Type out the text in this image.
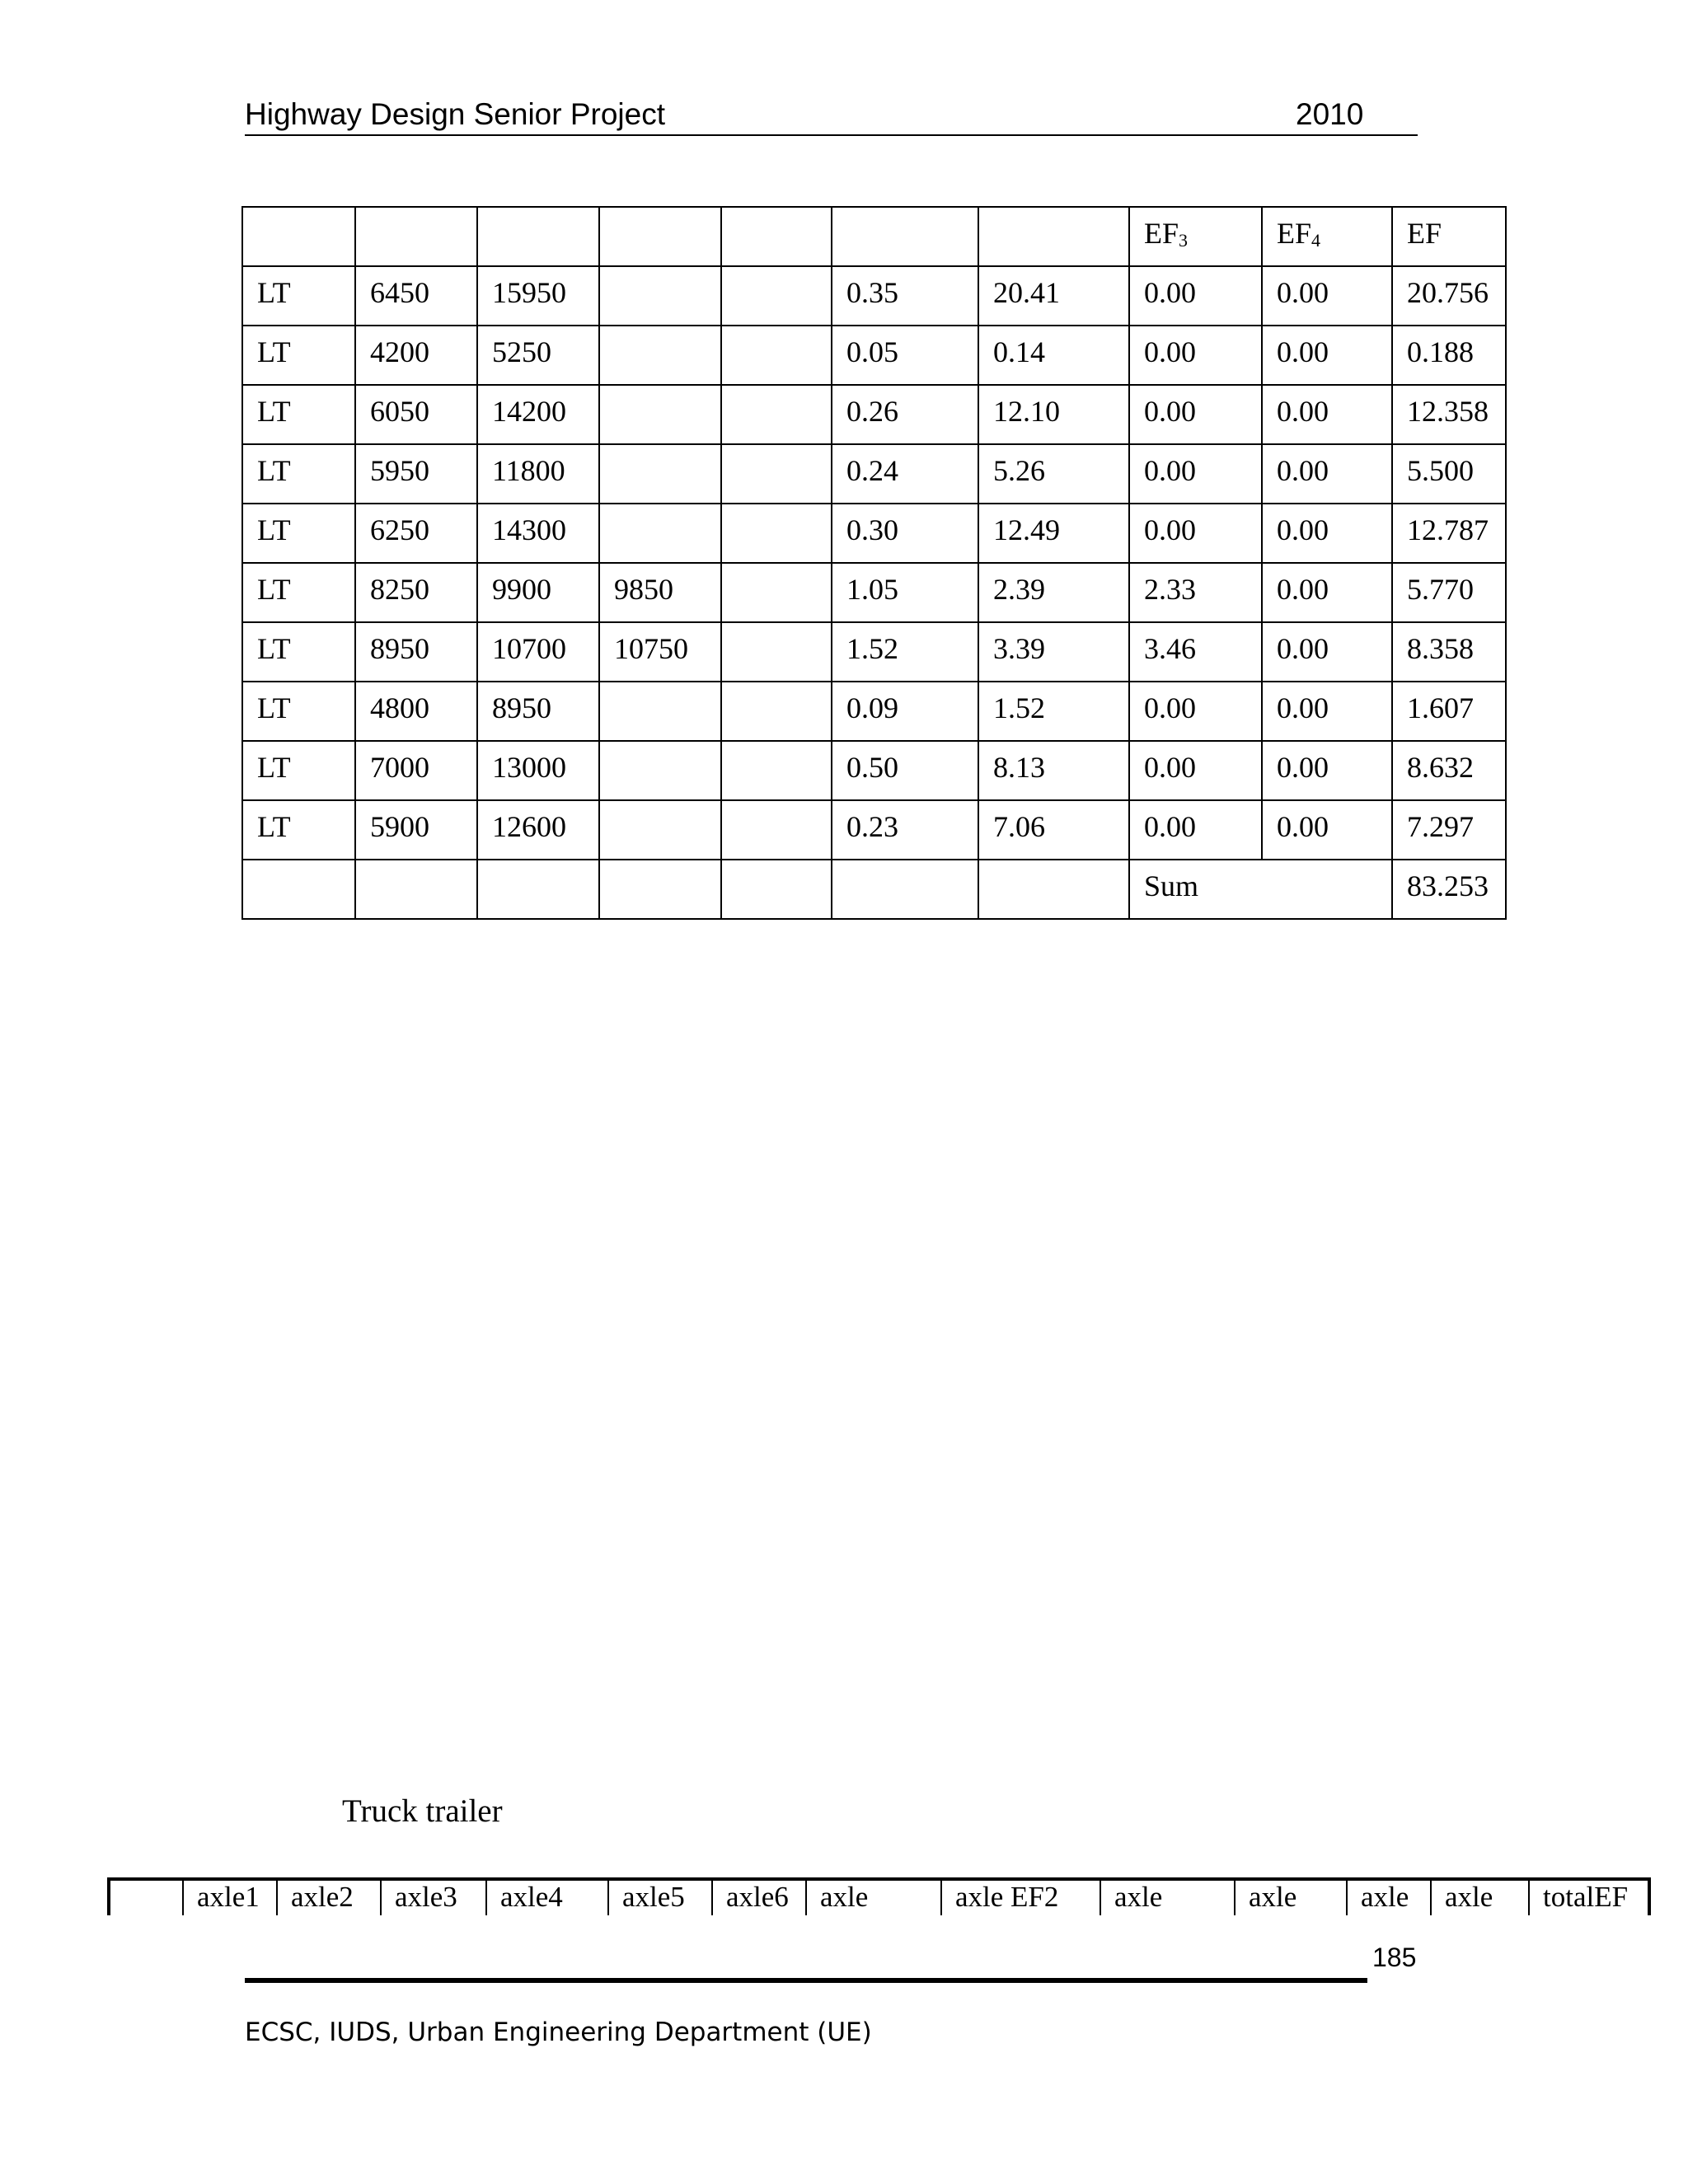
Highway Design Senior Project	2010
							$EF_3$	$EF_4$	EF
LT	6450	15950			0.35	20.41	0.00	0.00	20.756
LT	4200	5250			0.05	0.14	0.00	0.00	0.188
LT	6050	14200			0.26	12.10	0.00	0.00	12.358
LT	5950	11800			0.24	5.26	0.00	0.00	5.500
LT	6250	14300			0.30	12.49	0.00	0.00	12.787
LT	8250	9900	9850		1.05	2.39	2.33	0.00	5.770
LT	8950	10700	10750		1.52	3.39	3.46	0.00	8.358
LT	4800	8950			0.09	1.52	0.00	0.00	1.607
LT	7000	13000			0.50	8.13	0.00	0.00	8.632
LT	5900	12600			0.23	7.06	0.00	0.00	7.297
							Sum		83.253
Truck trailer
	axle1	axle2	axle3	axle4	axle5	axle6	axle	axle EF2	axle	axle	axle	axle	totalEF
185
ECSC, IUDS, Urban Engineering Department (UE)
